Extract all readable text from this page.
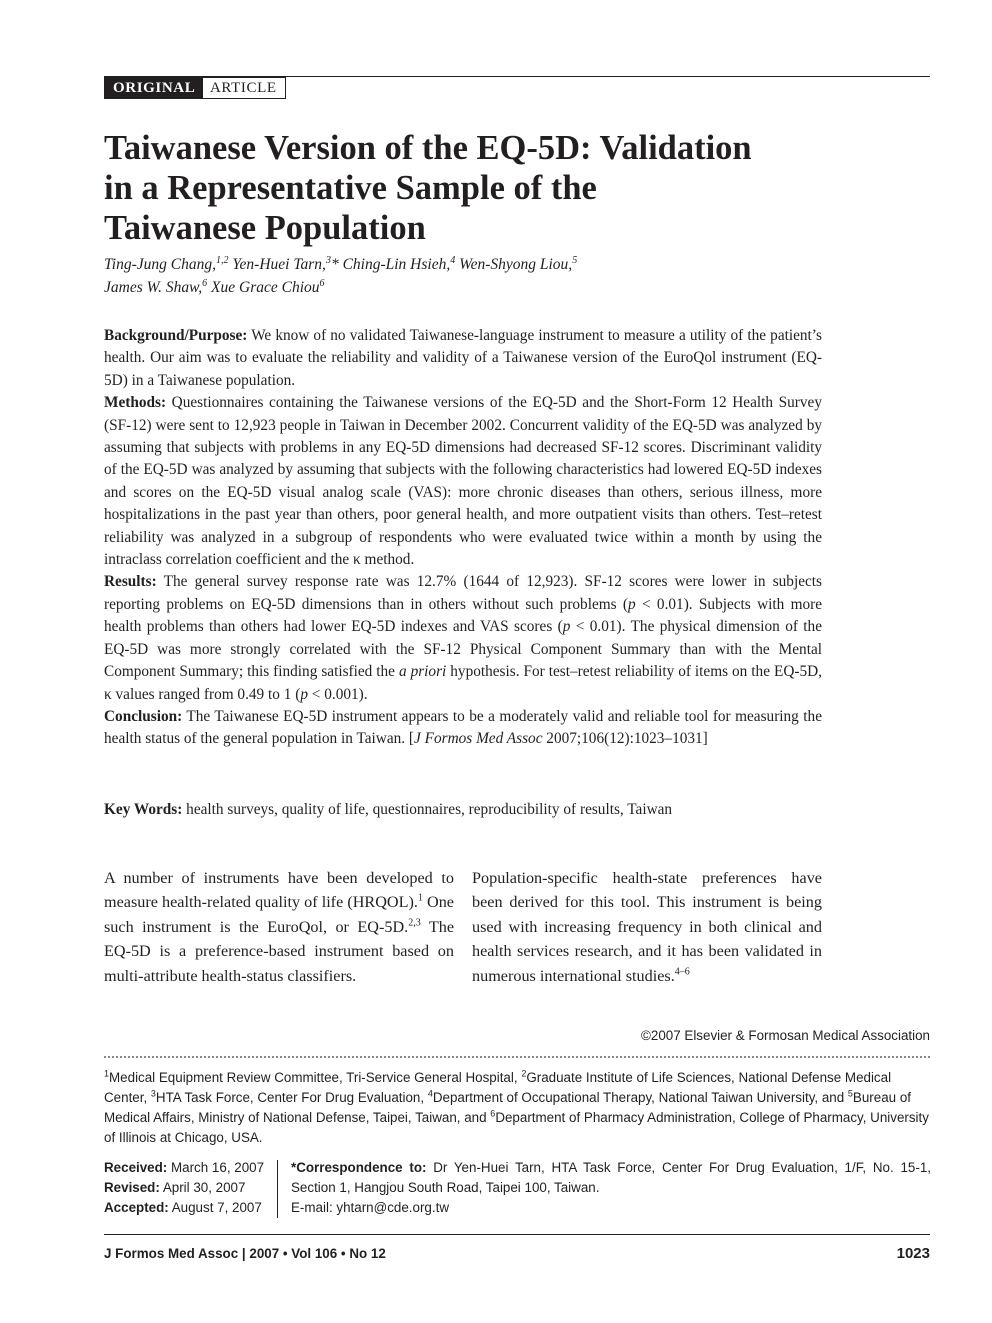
ORIGINAL ARTICLE
Taiwanese Version of the EQ-5D: Validation
in a Representative Sample of the
Taiwanese Population
Ting-Jung Chang,$^{1,2}$ Yen-Huei Tarn,$^3$* Ching-Lin Hsieh,$^4$ Wen-Shyong Liou,$^5$
James W. Shaw,$^6$ Xue Grace Chiou$^6$

Background/Purpose: We know of no validated Taiwanese-language instrument to measure a utility of the patient’s health. Our aim was to evaluate the reliability and validity of a Taiwanese version of the EuroQol instrument (EQ-5D) in a Taiwanese population.

Methods: Questionnaires containing the Taiwanese versions of the EQ-5D and the Short-Form 12 Health Survey (SF-12) were sent to 12,923 people in Taiwan in December 2002. Concurrent validity of the EQ-5D was analyzed by assuming that subjects with problems in any EQ-5D dimensions had decreased SF-12 scores. Discriminant validity of the EQ-5D was analyzed by assuming that subjects with the following characteristics had lowered EQ-5D indexes and scores on the EQ-5D visual analog scale (VAS): more chronic diseases than others, serious illness, more hospitalizations in the past year than others, poor general health, and more outpatient visits than others. Test–retest reliability was analyzed in a subgroup of respondents who were evaluated twice within a month by using the intraclass correlation coefficient and the κ method.

Results: The general survey response rate was 12.7% (1644 of 12,923). SF-12 scores were lower in subjects reporting problems on EQ-5D dimensions than in others without such problems (p < 0.01). Subjects with more health problems than others had lower EQ-5D indexes and VAS scores (p < 0.01). The physical dimension of the EQ-5D was more strongly correlated with the SF-12 Physical Component Summary than with the Mental Component Summary; this finding satisfied the a priori hypothesis. For test–retest reliability of items on the EQ-5D, κ values ranged from 0.49 to 1 (p < 0.001).

Conclusion: The Taiwanese EQ-5D instrument appears to be a moderately valid and reliable tool for measuring the health status of the general population in Taiwan. [J Formos Med Assoc 2007;106(12):1023–1031]

Key Words: health surveys, quality of life, questionnaires, reproducibility of results, Taiwan

A number of instruments have been developed to measure health-related quality of life (HRQOL).$^1$ One such instrument is the EuroQol, or EQ-5D.$^{2,3}$ The EQ-5D is a preference-based instrument based on multi-attribute health-status classifiers.

Population-specific health-state preferences have been derived for this tool. This instrument is being used with increasing frequency in both clinical and health services research, and it has been validated in numerous international studies.$^{4-6}$

©2007 Elsevier & Formosan Medical Association

$^1$Medical Equipment Review Committee, Tri-Service General Hospital, $^2$Graduate Institute of Life Sciences, National Defense Medical Center, $^3$HTA Task Force, Center For Drug Evaluation, $^4$Department of Occupational Therapy, National Taiwan University, and $^5$Bureau of Medical Affairs, Ministry of National Defense, Taipei, Taiwan, and $^6$Department of Pharmacy Administration, College of Pharmacy, University of Illinois at Chicago, USA.

Received: March 16, 2007
Revised: April 30, 2007
Accepted: August 7, 2007
*Correspondence to: Dr Yen-Huei Tarn, HTA Task Force, Center For Drug Evaluation, 1/F, No. 15-1, Section 1, Hangjou South Road, Taipei 100, Taiwan.
E-mail: yhtarn@cde.org.tw
J Formos Med Assoc | 2007 • Vol 106 • No 12	1023
